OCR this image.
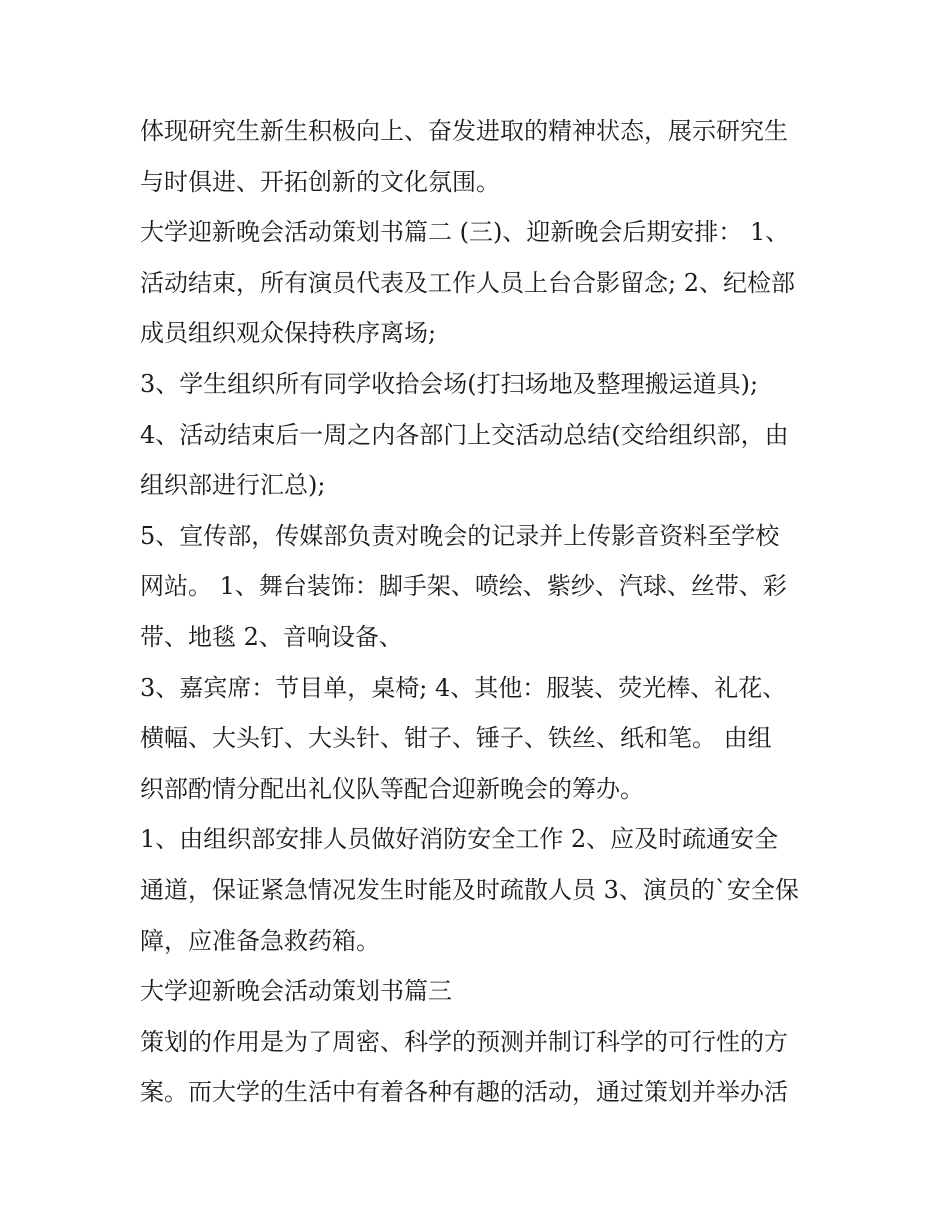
体现研究生新生积极向上、奋发进取的精神状态，展示研究生
与时俱进、开拓创新的文化氛围。

大学迎新晚会活动策划书篇二 (三)、迎新晚会后期安排： 1、
活动结束，所有演员代表及工作人员上台合影留念; 2、纪检部
成员组织观众保持秩序离场;

3、学生组织所有同学收拾会场(打扫场地及整理搬运道具);

4、活动结束后一周之内各部门上交活动总结(交给组织部，由
组织部进行汇总);

5、宣传部，传媒部负责对晚会的记录并上传影音资料至学校
网站。 1、舞台装饰：脚手架、喷绘、紫纱、汽球、丝带、彩
带、地毯 2、音响设备、

3、嘉宾席：节目单，桌椅; 4、其他：服装、荧光棒、礼花、
横幅、大头钉、大头针、钳子、锤子、铁丝、纸和笔。 由组
织部酌情分配出礼仪队等配合迎新晚会的筹办。

1、由组织部安排人员做好消防安全工作 2、应及时疏通安全
通道，保证紧急情况发生时能及时疏散人员 3、演员的`安全保
障，应准备急救药箱。

大学迎新晚会活动策划书篇三

策划的作用是为了周密、科学的预测并制订科学的可行性的方
案。而大学的生活中有着各种有趣的活动，通过策划并举办活
